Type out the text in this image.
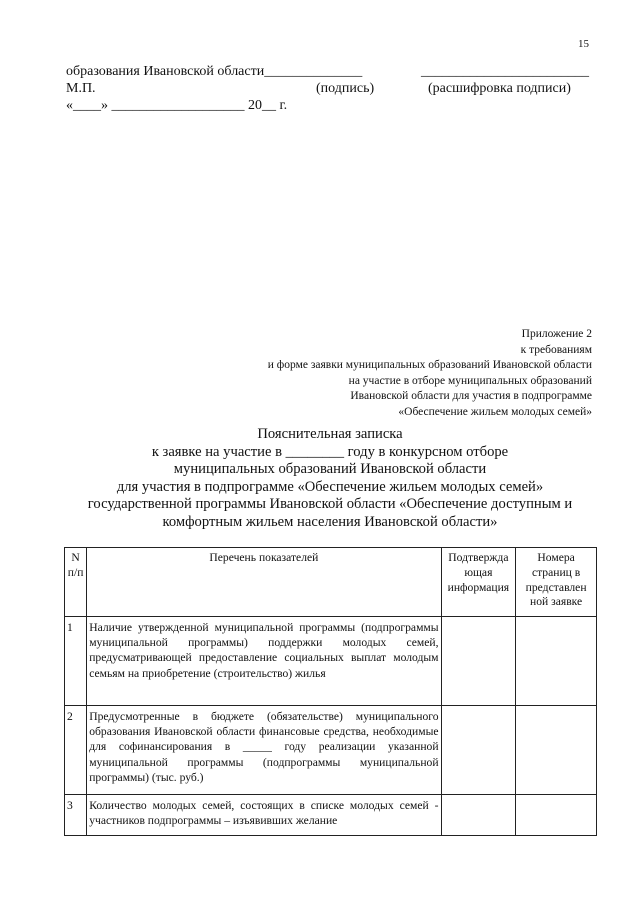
15
образования Ивановской области______________	________________________
М.П.	(подпись)	(расшифровка подписи)
«____» ___________________ 20__ г.
Приложение 2
к требованиям
и форме заявки муниципальных образований Ивановской области
на участие в отборе муниципальных образований
Ивановской области для участия в подпрограмме
«Обеспечение жильем молодых семей»
Пояснительная записка
к заявке на участие в ________ году в конкурсном отборе
муниципальных образований Ивановской области
для участия в подпрограмме «Обеспечение жильем молодых семей»
государственной программы Ивановской области «Обеспечение доступным и
комфортным жильем населения Ивановской области»
N п/п	Перечень показателей	Подтвержда ющая информация	Номера страниц в представлен ной заявке
1	Наличие утвержденной муниципальной программы (подпрограммы муниципальной программы) поддержки молодых семей, предусматривающей предоставление социальных выплат молодым семьям на приобретение (строительство) жилья		
2	Предусмотренные в бюджете (обязательстве) муниципального образования Ивановской области финансовые средства, необходимые для софинансирования в _____ году реализации указанной муниципальной программы (подпрограммы муниципальной программы) (тыс. руб.)		
3	Количество молодых семей, состоящих в списке молодых семей - участников подпрограммы – изъявивших желание		
